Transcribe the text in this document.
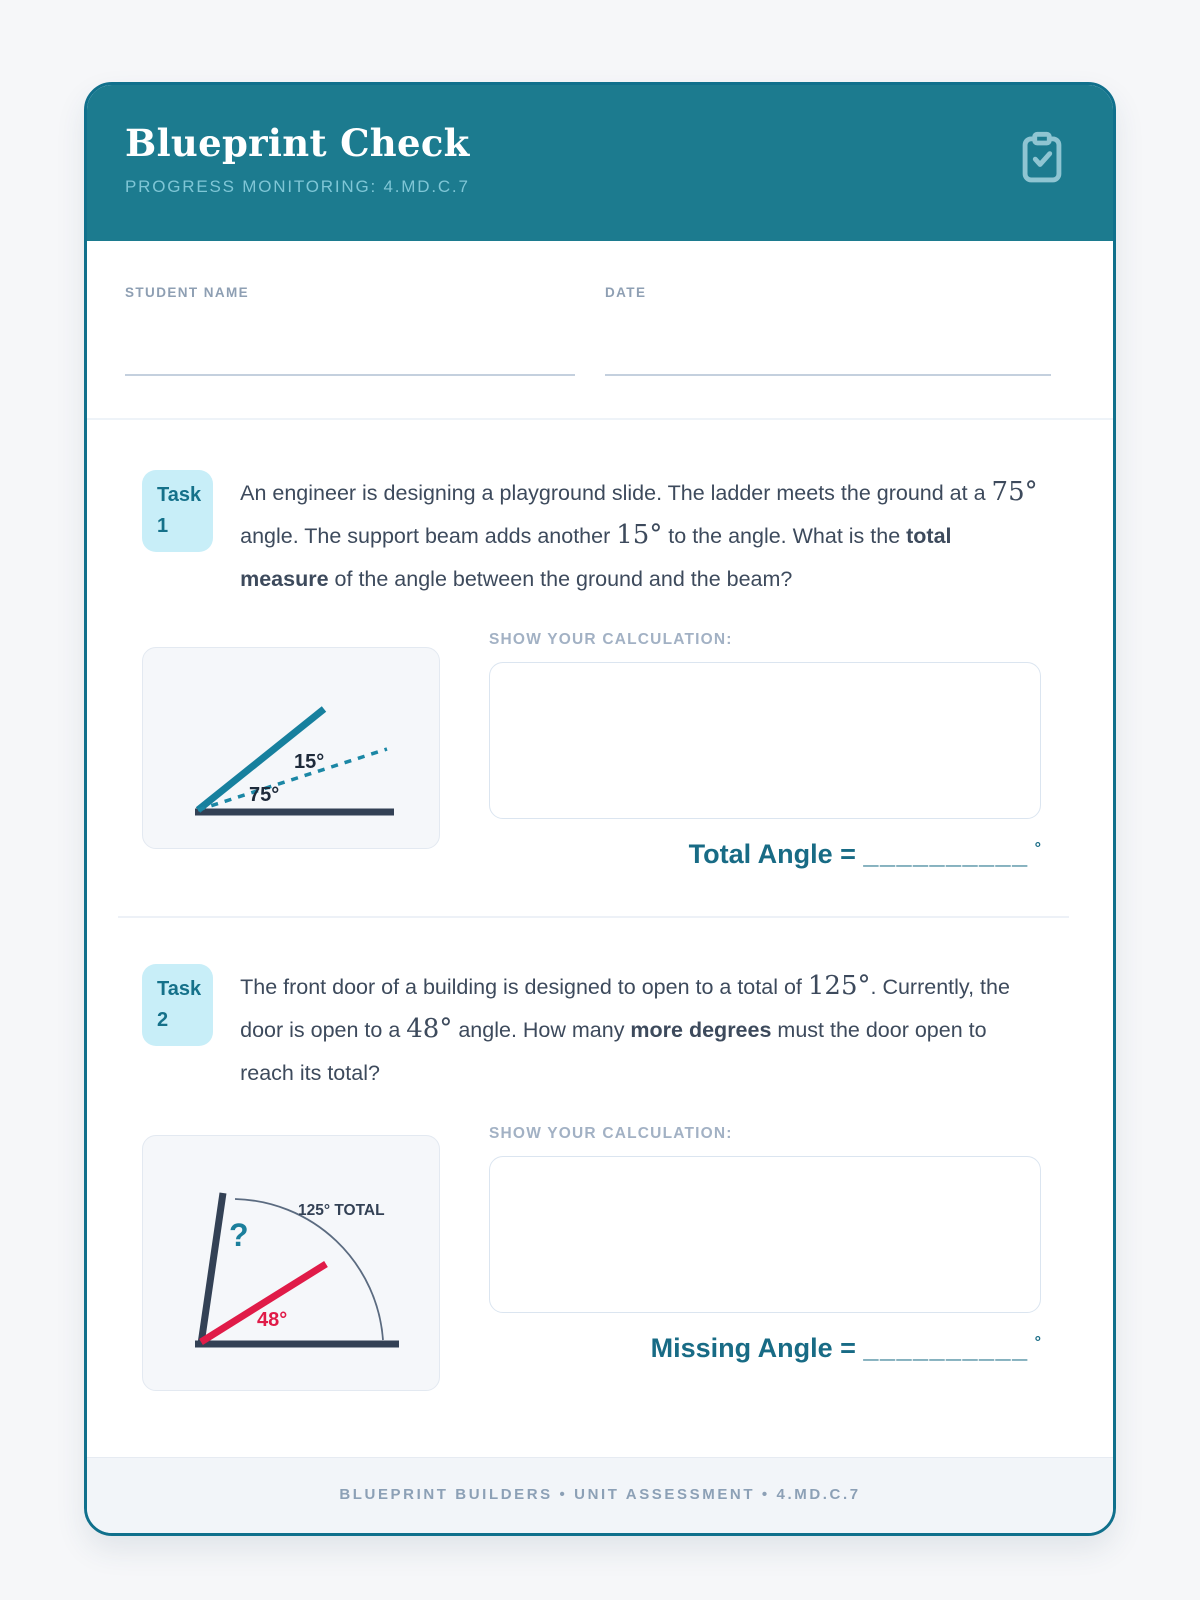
Blueprint Check
PROGRESS MONITORING: 4.MD.C.7
STUDENT NAME	DATE
Task 1
An engineer is designing a playground slide. The ladder meets the ground at a 75° angle. The support beam adds another 15° to the angle. What is the total measure of the angle between the ground and the beam?
15°
75°
SHOW YOUR CALCULATION:
Total Angle = __________ °
Task 2
The front door of a building is designed to open to a total of 125°. Currently, the door is open to a 48° angle. How many more degrees must the door open to reach its total?
125° TOTAL
?
48°
SHOW YOUR CALCULATION:
Missing Angle = __________ °
BLUEPRINT BUILDERS • UNIT ASSESSMENT • 4.MD.C.7
